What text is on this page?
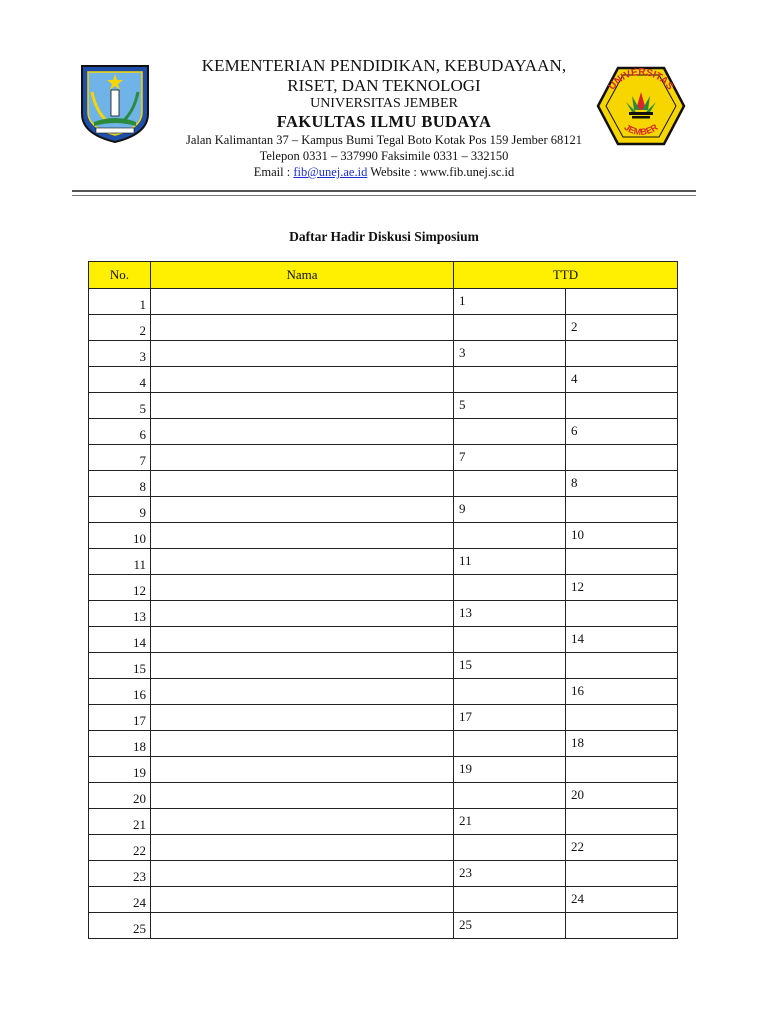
KEMENTERIAN PENDIDIKAN, KEBUDAYAAN,
RISET, DAN TEKNOLOGI
UNIVERSITAS JEMBER
FAKULTAS ILMU BUDAYA
Jalan Kalimantan 37 – Kampus Bumi Tegal Boto Kotak Pos 159 Jember 68121
Telepon 0331 – 337990 Faksimile 0331 – 332150
Email : fib@unej.ae.id Website : www.fib.unej.sc.id
UNIVERSITAS
JEMBER
Daftar Hadir Diskusi Simposium
No.	Nama	TTD	
1		1	
2			2
3		3	
4			4
5		5	
6			6
7		7	
8			8
9		9	
10			10
11		11	
12			12
13		13	
14			14
15		15	
16			16
17		17	
18			18
19		19	
20			20
21		21	
22			22
23		23	
24			24
25		25	
